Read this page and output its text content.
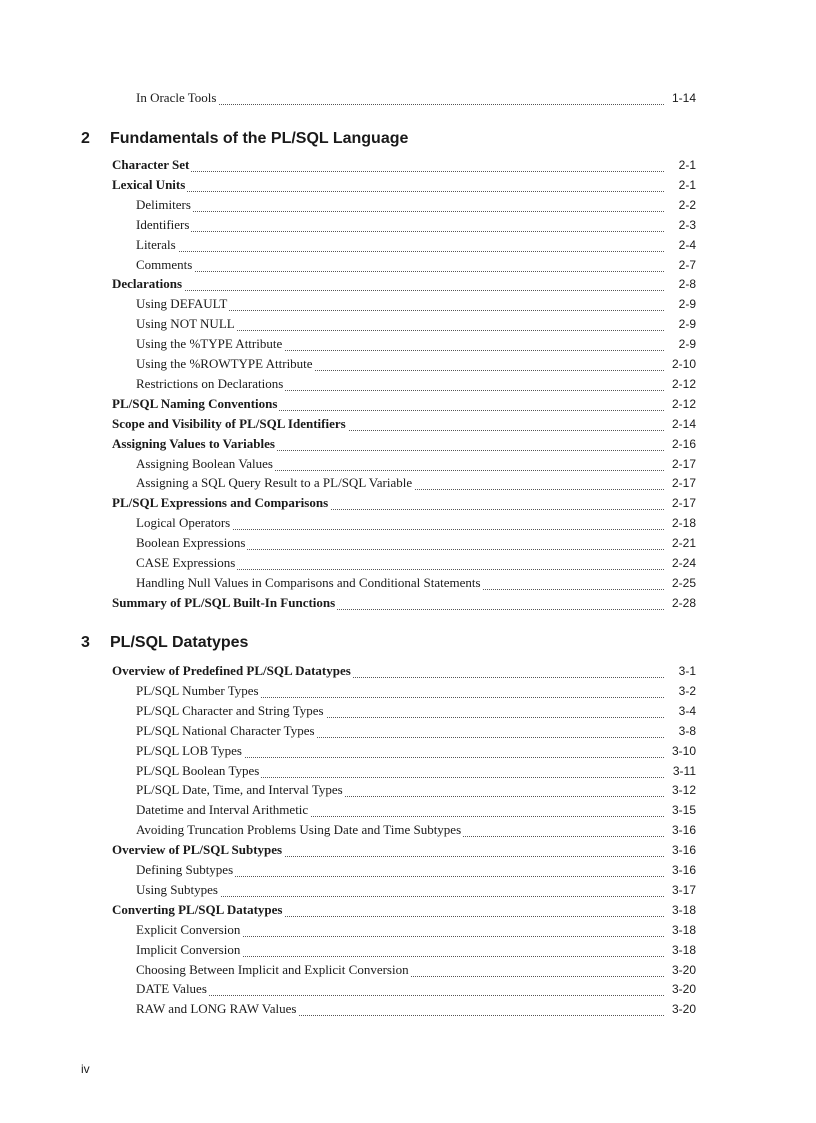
In Oracle Tools	1-14
2 Fundamentals of the PL/SQL Language
Character Set	2-1
Lexical Units	2-1
Delimiters	2-2
Identifiers	2-3
Literals	2-4
Comments	2-7
Declarations	2-8
Using DEFAULT	2-9
Using NOT NULL	2-9
Using the %TYPE Attribute	2-9
Using the %ROWTYPE Attribute	2-10
Restrictions on Declarations	2-12
PL/SQL Naming Conventions	2-12
Scope and Visibility of PL/SQL Identifiers	2-14
Assigning Values to Variables	2-16
Assigning Boolean Values	2-17
Assigning a SQL Query Result to a PL/SQL Variable	2-17
PL/SQL Expressions and Comparisons	2-17
Logical Operators	2-18
Boolean Expressions	2-21
CASE Expressions	2-24
Handling Null Values in Comparisons and Conditional Statements	2-25
Summary of PL/SQL Built-In Functions	2-28
3 PL/SQL Datatypes
Overview of Predefined PL/SQL Datatypes	3-1
PL/SQL Number Types	3-2
PL/SQL Character and String Types	3-4
PL/SQL National Character Types	3-8
PL/SQL LOB Types	3-10
PL/SQL Boolean Types	3-11
PL/SQL Date, Time, and Interval Types	3-12
Datetime and Interval Arithmetic	3-15
Avoiding Truncation Problems Using Date and Time Subtypes	3-16
Overview of PL/SQL Subtypes	3-16
Defining Subtypes	3-16
Using Subtypes	3-17
Converting PL/SQL Datatypes	3-18
Explicit Conversion	3-18
Implicit Conversion	3-18
Choosing Between Implicit and Explicit Conversion	3-20
DATE Values	3-20
RAW and LONG RAW Values	3-20
iv
